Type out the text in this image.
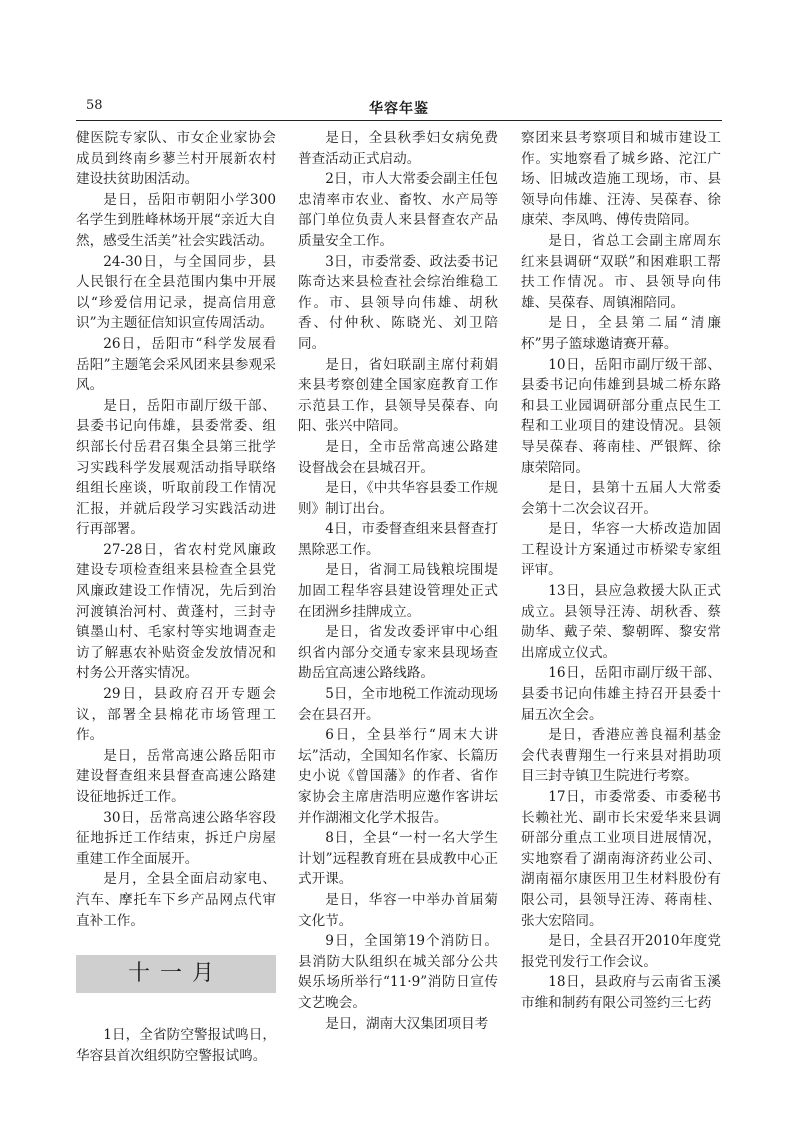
58	华容年鉴

健医院专家队、市女企业家协会成员到终南乡蓼兰村开展新农村建设扶贫助困活动。

是日，岳阳市朝阳小学300名学生到胜峰林场开展“亲近大自然，感受生活美”社会实践活动。

24-30日，与全国同步，县人民银行在全县范围内集中开展以“珍爱信用记录，提高信用意识”为主题征信知识宣传周活动。

26日，岳阳市“科学发展看岳阳”主题笔会采风团来县参观采风。

是日，岳阳市副厅级干部、县委书记向伟雄，县委常委、组织部长付岳君召集全县第三批学习实践科学发展观活动指导联络组组长座谈，听取前段工作情况汇报，并就后段学习实践活动进行再部署。

27-28日，省农村党风廉政建设专项检查组来县检查全县党风廉政建设工作情况，先后到治河渡镇治河村、黄蓬村，三封寺镇墨山村、毛家村等实地调查走访了解惠农补贴资金发放情况和村务公开落实情况。

29日，县政府召开专题会议，部署全县棉花市场管理工作。

是日，岳常高速公路岳阳市建设督查组来县督查高速公路建设征地拆迁工作。

30日，岳常高速公路华容段征地拆迁工作结束，拆迁户房屋重建工作全面展开。

是月，全县全面启动家电、汽车、摩托车下乡产品网点代审直补工作。

十一月

1日，全省防空警报试鸣日，华容县首次组织防空警报试鸣。

是日，全县秋季妇女病免费普查活动正式启动。

2日，市人大常委会副主任包忠清率市农业、畜牧、水产局等部门单位负责人来县督查农产品质量安全工作。

3日，市委常委、政法委书记陈奇达来县检查社会综治维稳工作。市、县领导向伟雄、胡秋香、付仲秋、陈晓光、刘卫陪同。

是日，省妇联副主席付莉娟来县考察创建全国家庭教育工作示范县工作，县领导吴葆春、向阳、张兴中陪同。

是日，全市岳常高速公路建设督战会在县城召开。

是日，《中共华容县委工作规则》制订出台。

4日，市委督查组来县督查打黑除恶工作。

是日，省洞工局钱粮垸围堤加固工程华容县建设管理处正式在团洲乡挂牌成立。

是日，省发改委评审中心组织省内部分交通专家来县现场查勘岳宜高速公路线路。

5日，全市地税工作流动现场会在县召开。

6日，全县举行“周末大讲坛”活动，全国知名作家、长篇历史小说《曾国藩》的作者、省作家协会主席唐浩明应邀作客讲坛并作湖湘文化学术报告。

8日，全县“一村一名大学生计划”远程教育班在县成教中心正式开课。

是日，华容一中举办首届菊文化节。

9日，全国第19个消防日。县消防大队组织在城关部分公共娱乐场所举行“11·9”消防日宣传文艺晚会。

是日，湖南大汉集团项目考

察团来县考察项目和城市建设工作。实地察看了城乡路、沱江广场、旧城改造施工现场，市、县领导向伟雄、汪涛、吴葆春、徐康荣、李凤鸣、傅传贵陪同。

是日，省总工会副主席周东红来县调研“双联”和困难职工帮扶工作情况。市、县领导向伟雄、吴葆春、周镇湘陪同。

是日，全县第二届“清廉杯”男子篮球邀请赛开幕。

10日，岳阳市副厅级干部、县委书记向伟雄到县城二桥东路和县工业园调研部分重点民生工程和工业项目的建设情况。县领导吴葆春、蒋南桂、严银辉、徐康荣陪同。

是日，县第十五届人大常委会第十二次会议召开。

是日，华容一大桥改造加固工程设计方案通过市桥梁专家组评审。

13日，县应急救援大队正式成立。县领导汪涛、胡秋香、蔡勋华、戴子荣、黎朝晖、黎安常出席成立仪式。

16日，岳阳市副厅级干部、县委书记向伟雄主持召开县委十届五次全会。

是日，香港应善良福利基金会代表曹翔生一行来县对捐助项目三封寺镇卫生院进行考察。

17日，市委常委、市委秘书长赖社光、副市长宋爱华来县调研部分重点工业项目进展情况，实地察看了湖南海济药业公司、湖南福尔康医用卫生材料股份有限公司，县领导汪涛、蒋南桂、张大宏陪同。

是日，全县召开2010年度党报党刊发行工作会议。

18日，县政府与云南省玉溪市维和制药有限公司签约三七药
